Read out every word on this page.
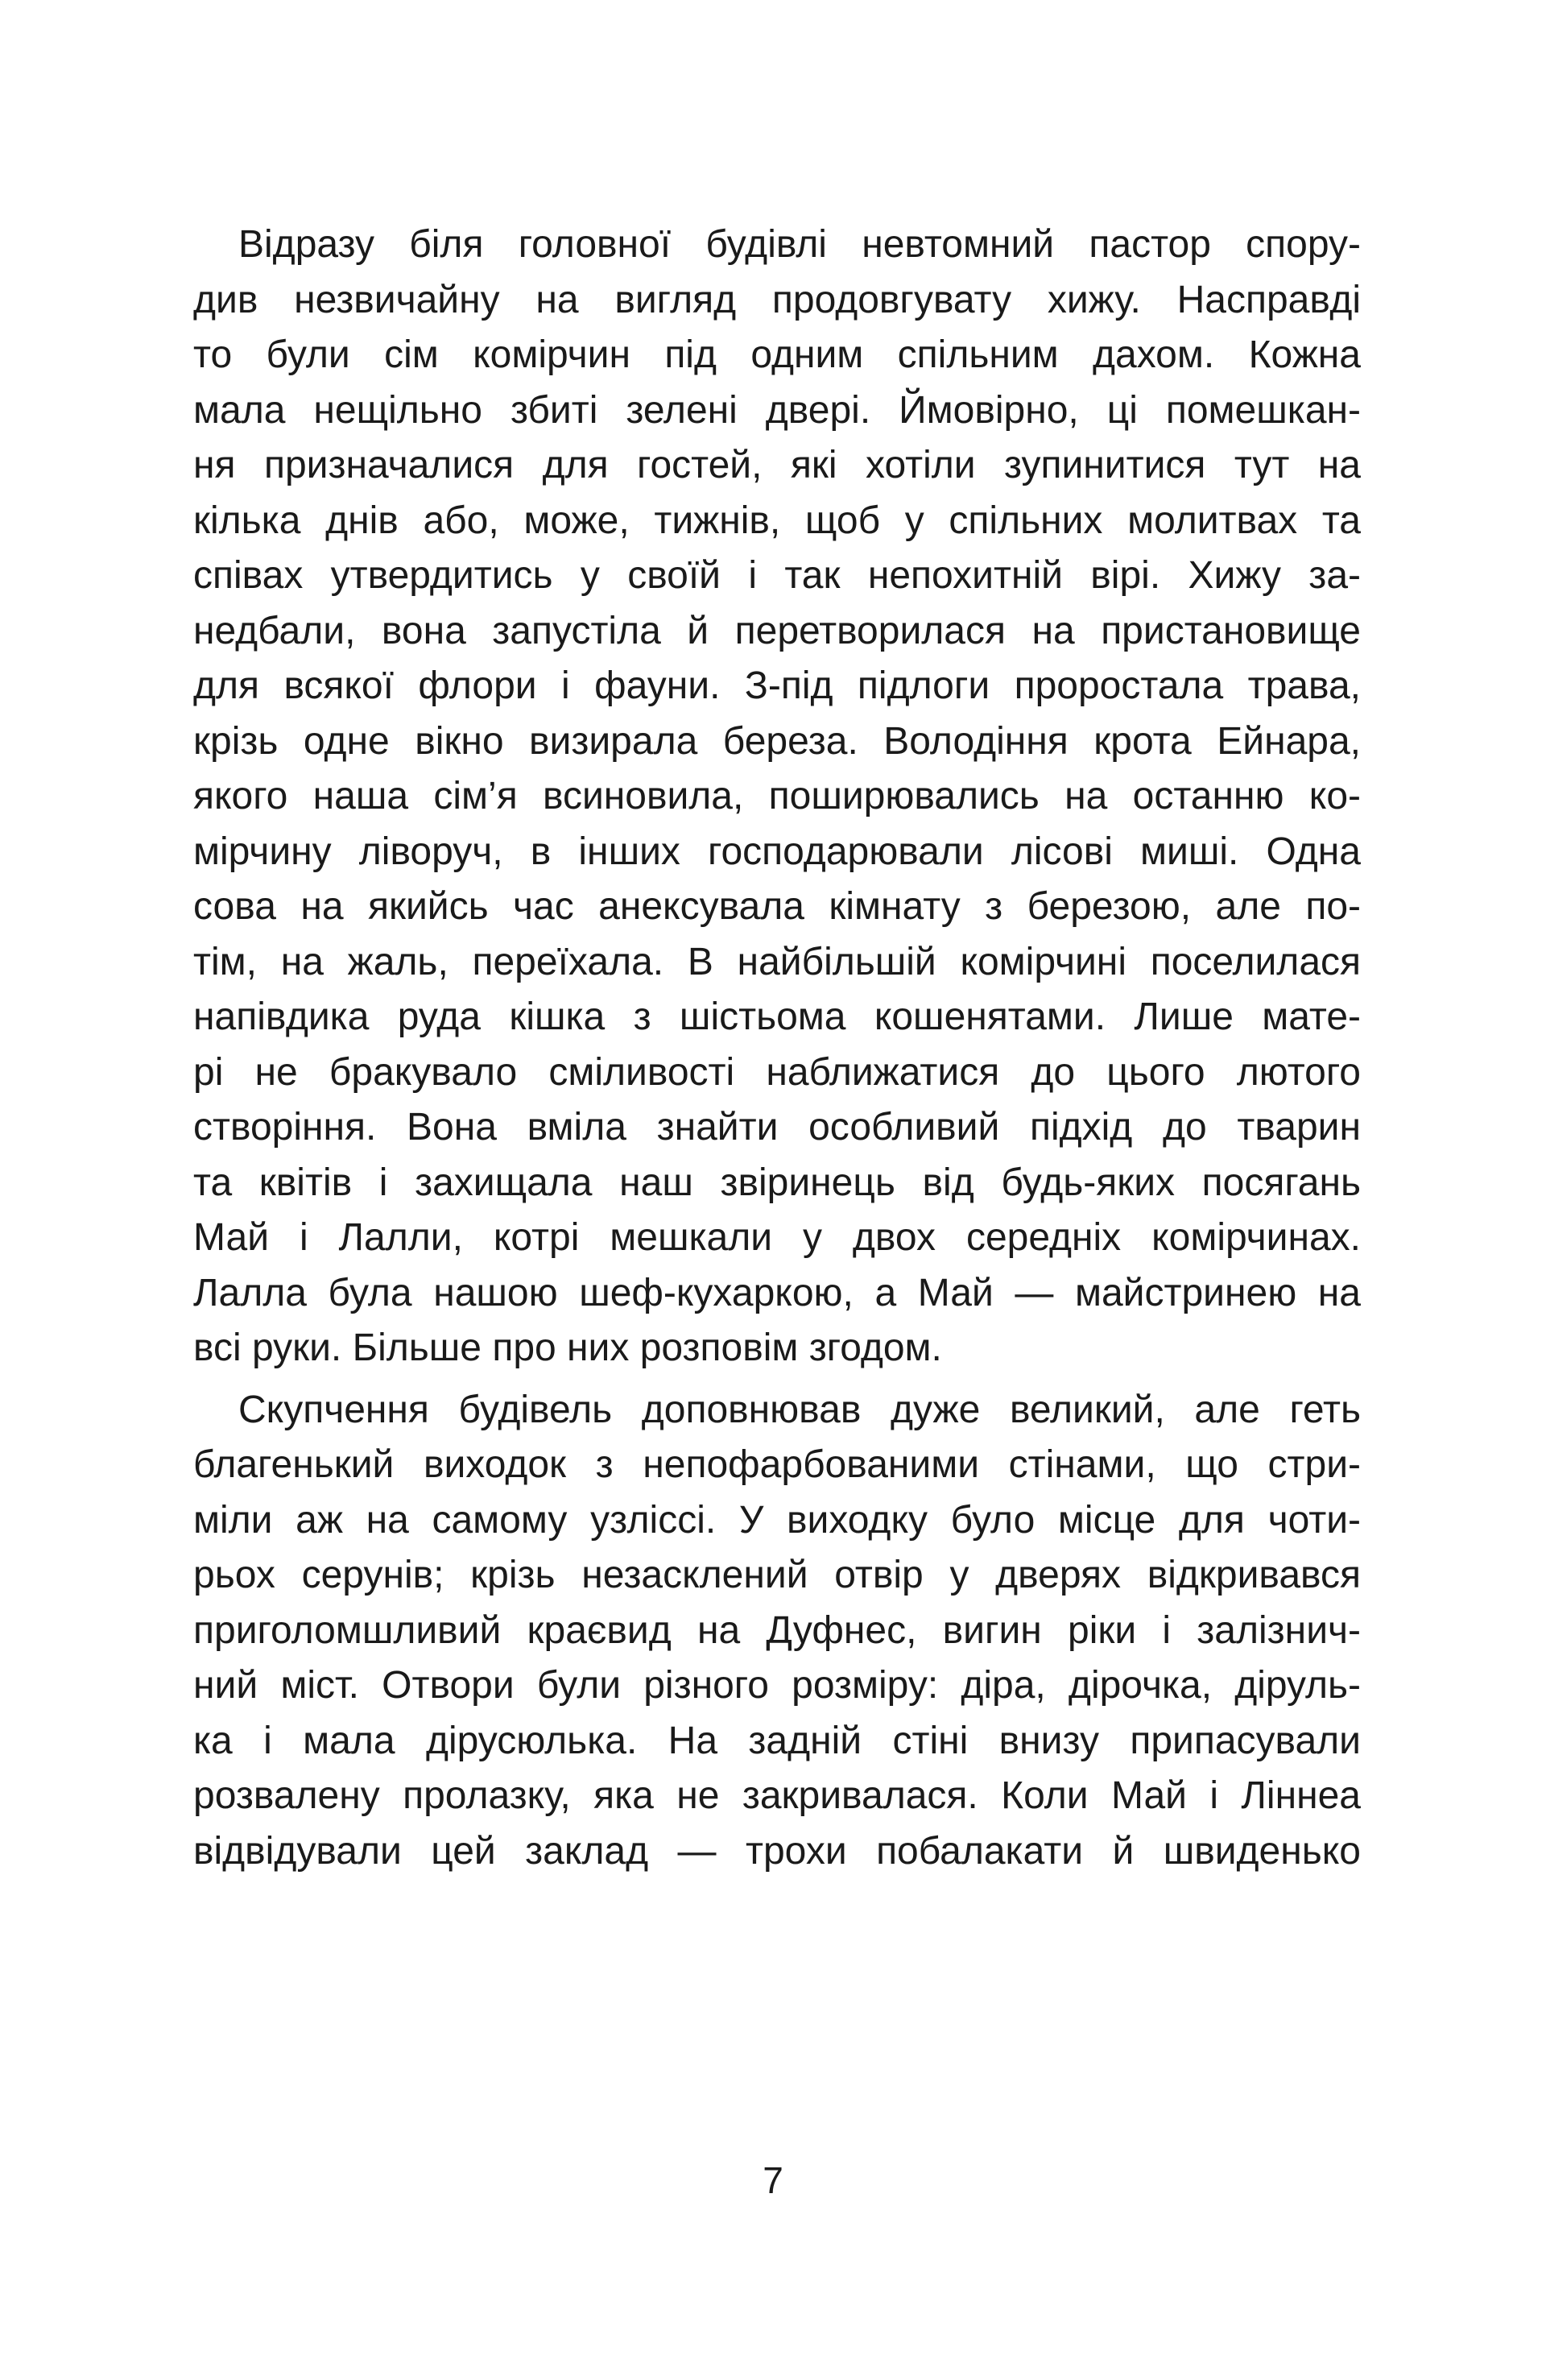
Відразу біля головної будівлі невтомний пастор спору-
див незвичайну на вигляд продовгувату хижу. Насправді
то були сім комірчин під одним спільним дахом. Кожна
мала нещільно збиті зелені двері. Ймовірно, ці помешкан-
ня призначалися для гостей, які хотіли зупинитися тут на
кілька днів або, може, тижнів, щоб у спільних молитвах та
співах утвердитись у своїй і так непохитній вірі. Хижу за-
недбали, вона запустіла й перетворилася на пристановище
для всякої флори і фауни. З-під підлоги проростала трава,
крізь одне вікно визирала береза. Володіння крота Ейнара,
якого наша сім’я всиновила, поширювались на останню ко-
мірчину ліворуч, в інших господарювали лісові миші. Одна
сова на якийсь час анексувала кімнату з березою, але по-
тім, на жаль, переїхала. В найбільшій комірчині поселилася
напівдика руда кішка з шістьома кошенятами. Лише мате-
рі не бракувало сміливості наближатися до цього лютого
створіння. Вона вміла знайти особливий підхід до тварин
та квітів і захищала наш звіринець від будь-яких посягань
Май і Лалли, котрі мешкали у двох середніх комірчинах.
Лалла була нашою шеф-кухаркою, а Май — майстринею на
всі руки. Більше про них розповім згодом.
Скупчення будівель доповнював дуже великий, але геть
благенький виходок з непофарбованими стінами, що стри-
міли аж на самому узліссі. У виходку було місце для чоти-
рьох серунів; крізь незасклений отвір у дверях відкривався
приголомшливий краєвид на Дуфнес, вигин ріки і залізнич-
ний міст. Отвори були різного розміру: діра, дірочка, діруль-
ка і мала дірусюлька. На задній стіні внизу припасували
розвалену пролазку, яка не закривалася. Коли Май і Ліннеа
відвідували цей заклад — трохи побалакати й швиденько
7
